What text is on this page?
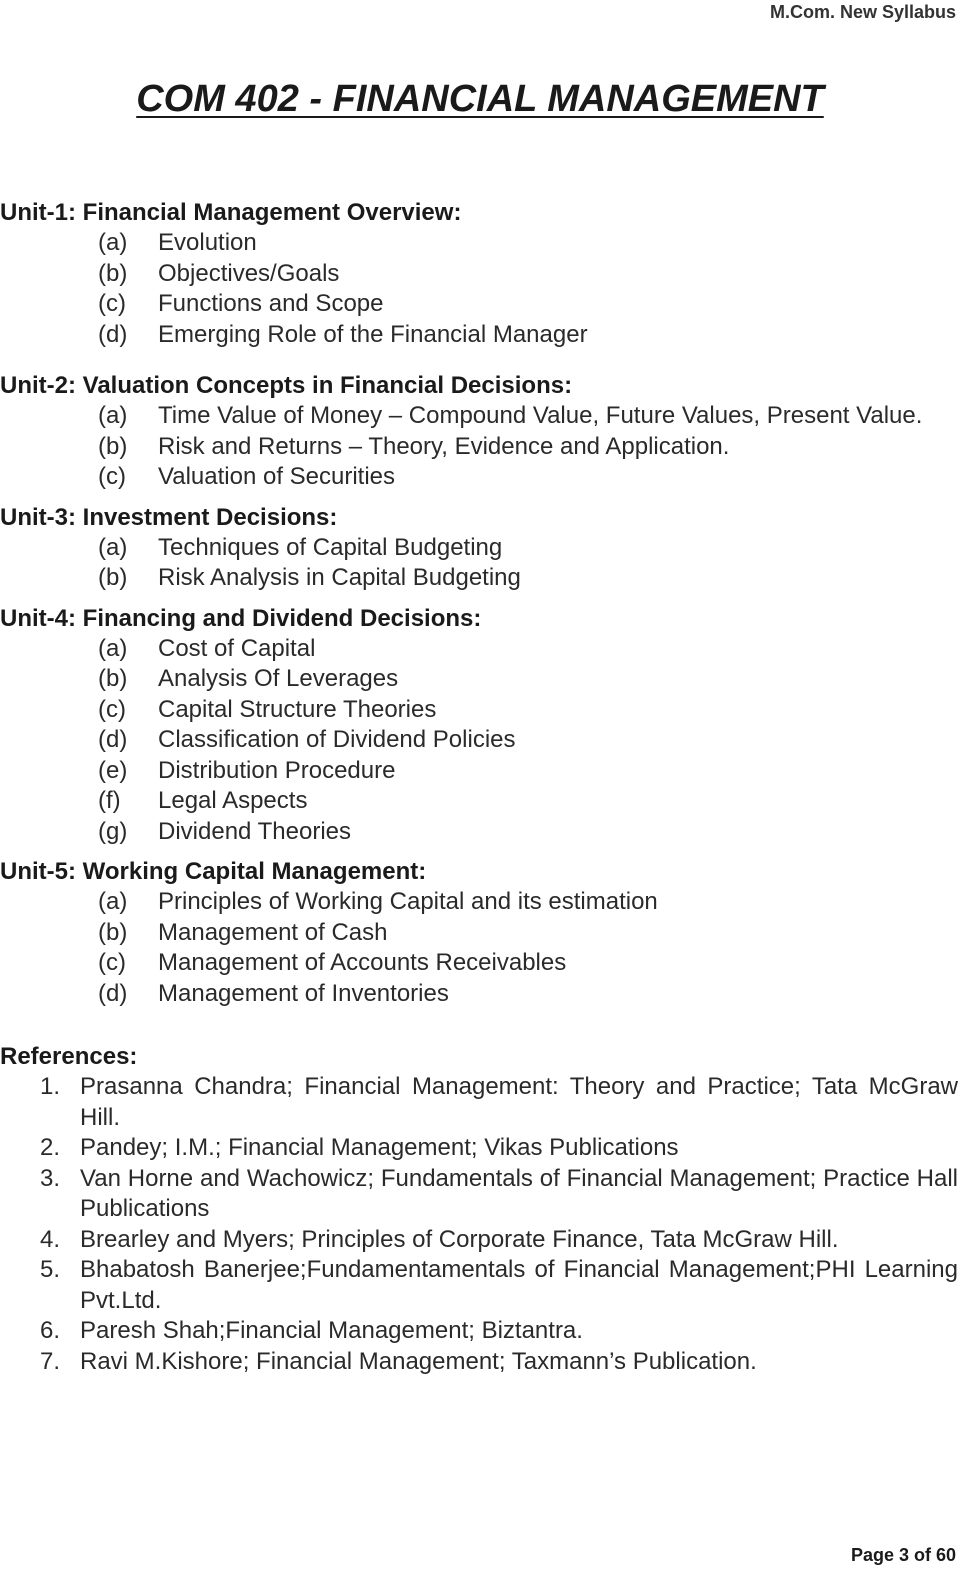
M.Com. New Syllabus
COM 402 - FINANCIAL MANAGEMENT
Unit-1: Financial Management Overview:
(a)	Evolution
(b)	Objectives/Goals
(c)	Functions and Scope
(d)	Emerging Role of the Financial Manager
Unit-2: Valuation Concepts in Financial Decisions:
(a)	Time Value of Money – Compound Value, Future Values, Present Value.
(b)	Risk and Returns – Theory, Evidence and Application.
(c)	Valuation of Securities
Unit-3: Investment Decisions:
(a)	Techniques of Capital Budgeting
(b)	Risk Analysis in Capital Budgeting
Unit-4: Financing and Dividend Decisions:
(a)	Cost of Capital
(b)	Analysis Of Leverages
(c)	Capital Structure Theories
(d)	Classification of Dividend Policies
(e)	Distribution Procedure
(f)	Legal Aspects
(g)	Dividend Theories
Unit-5: Working Capital Management:
(a)	Principles of Working Capital and its estimation
(b)	Management of Cash
(c)	Management of Accounts Receivables
(d)	Management of Inventories
References:
1. Prasanna Chandra; Financial Management: Theory and Practice; Tata McGraw Hill.
2. Pandey; I.M.; Financial Management; Vikas Publications
3. Van Horne and Wachowicz; Fundamentals of Financial Management; Practice Hall Publications
4. Brearley and Myers; Principles of Corporate Finance, Tata McGraw Hill.
5. Bhabatosh Banerjee;Fundamentamentals of Financial Management;PHI Learning Pvt.Ltd.
6. Paresh Shah;Financial Management; Biztantra.
7. Ravi M.Kishore; Financial Management; Taxmann’s Publication.
Page 3 of 60
